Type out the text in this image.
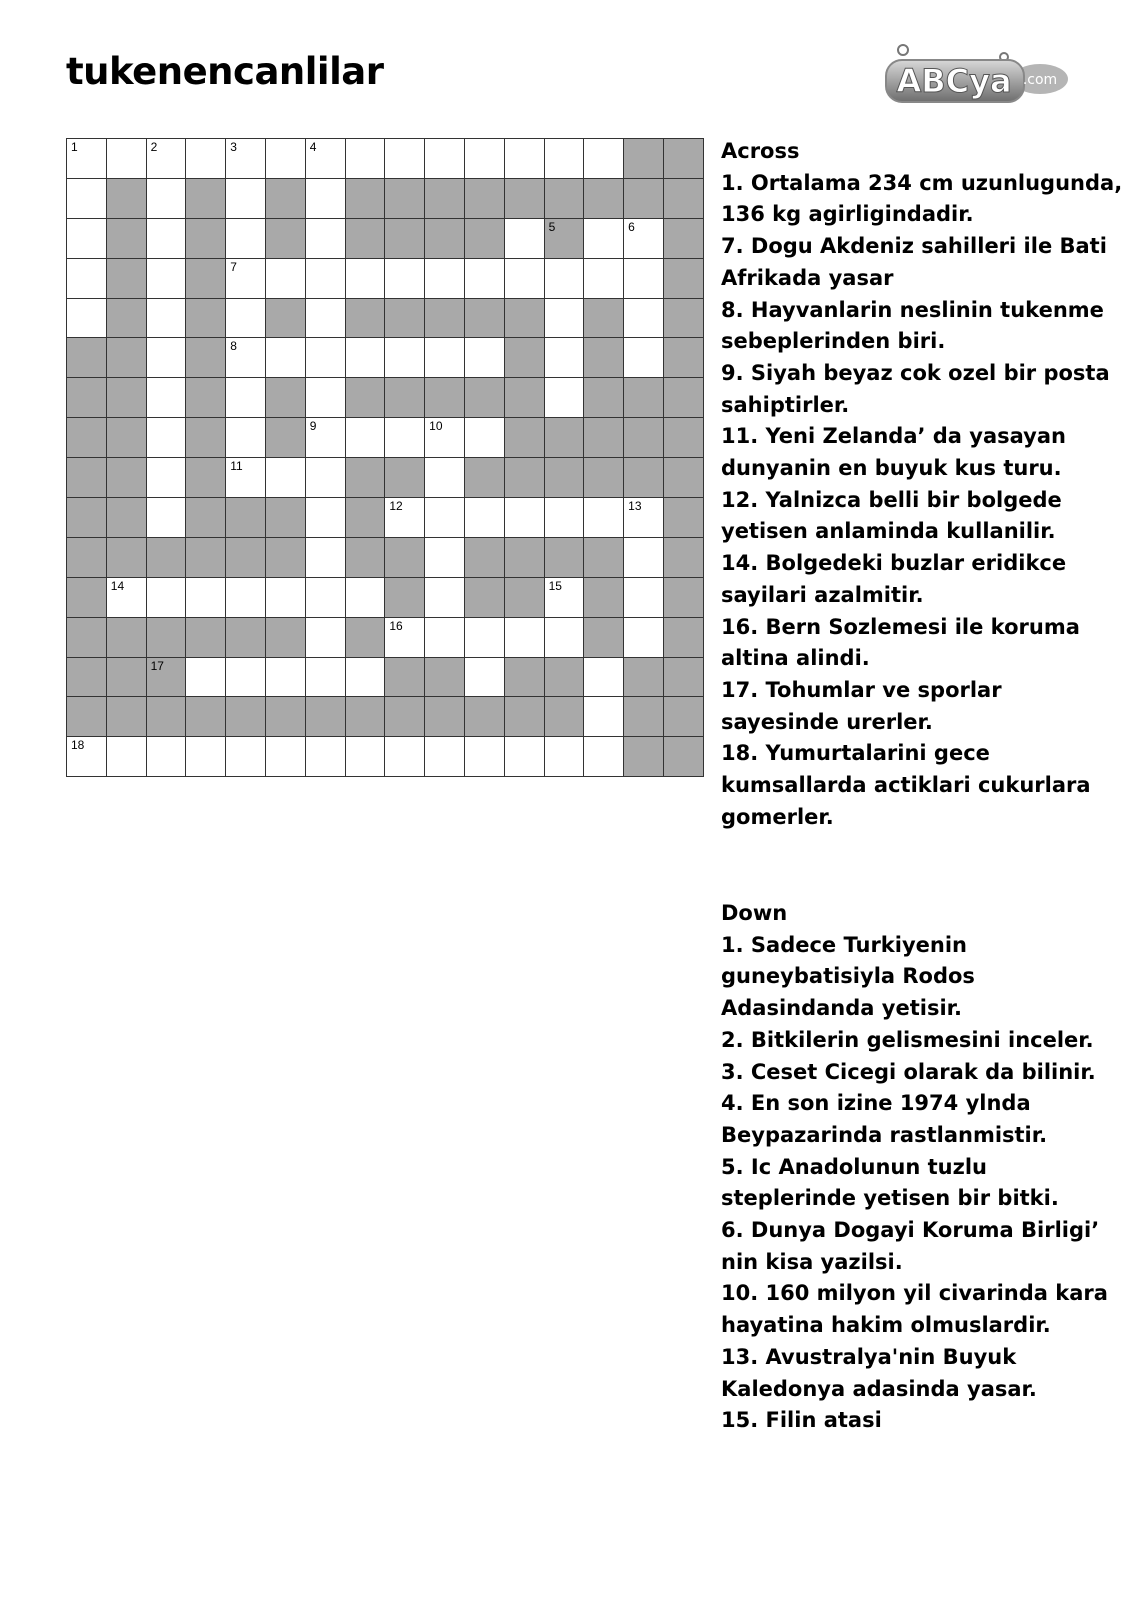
tukenencanlilar	ABCya .com
1	2	3	4
5	6
7
8
9	10
11
12	13
14	15
16
17
18
Across
1. Ortalama 234 cm uzunlugunda, 136 kg agirligindadir.
7. Dogu Akdeniz sahilleri ile Bati Afrikada yasar
8. Hayvanlarin neslinin tukenme sebeplerinden biri.
9. Siyah beyaz cok ozel bir posta sahiptirler.
11. Yeni Zelanda’ da yasayan dunyanin en buyuk kus turu.
12. Yalnizca belli bir bolgede yetisen anlaminda kullanilir.
14. Bolgedeki buzlar eridikce sayilari azalmitir.
16. Bern Sozlemesi ile koruma altina alindi.
17. Tohumlar ve sporlar sayesinde urerler.
18. Yumurtalarini gece kumsallarda actiklari cukurlara gomerler.
Down
1. Sadece Turkiyenin guneybatisiyla Rodos Adasindanda yetisir.
2. Bitkilerin gelismesini inceler.
3. Ceset Cicegi olarak da bilinir.
4. En son izine 1974 ylnda Beypazarinda rastlanmistir.
5. Ic Anadolunun tuzlu steplerinde yetisen bir bitki.
6. Dunya Dogayi Koruma Birligi’ nin kisa yazilsi.
10. 160 milyon yil civarinda kara hayatina hakim olmuslardir.
13. Avustralya'nin Buyuk Kaledonya adasinda yasar.
15. Filin atasi
